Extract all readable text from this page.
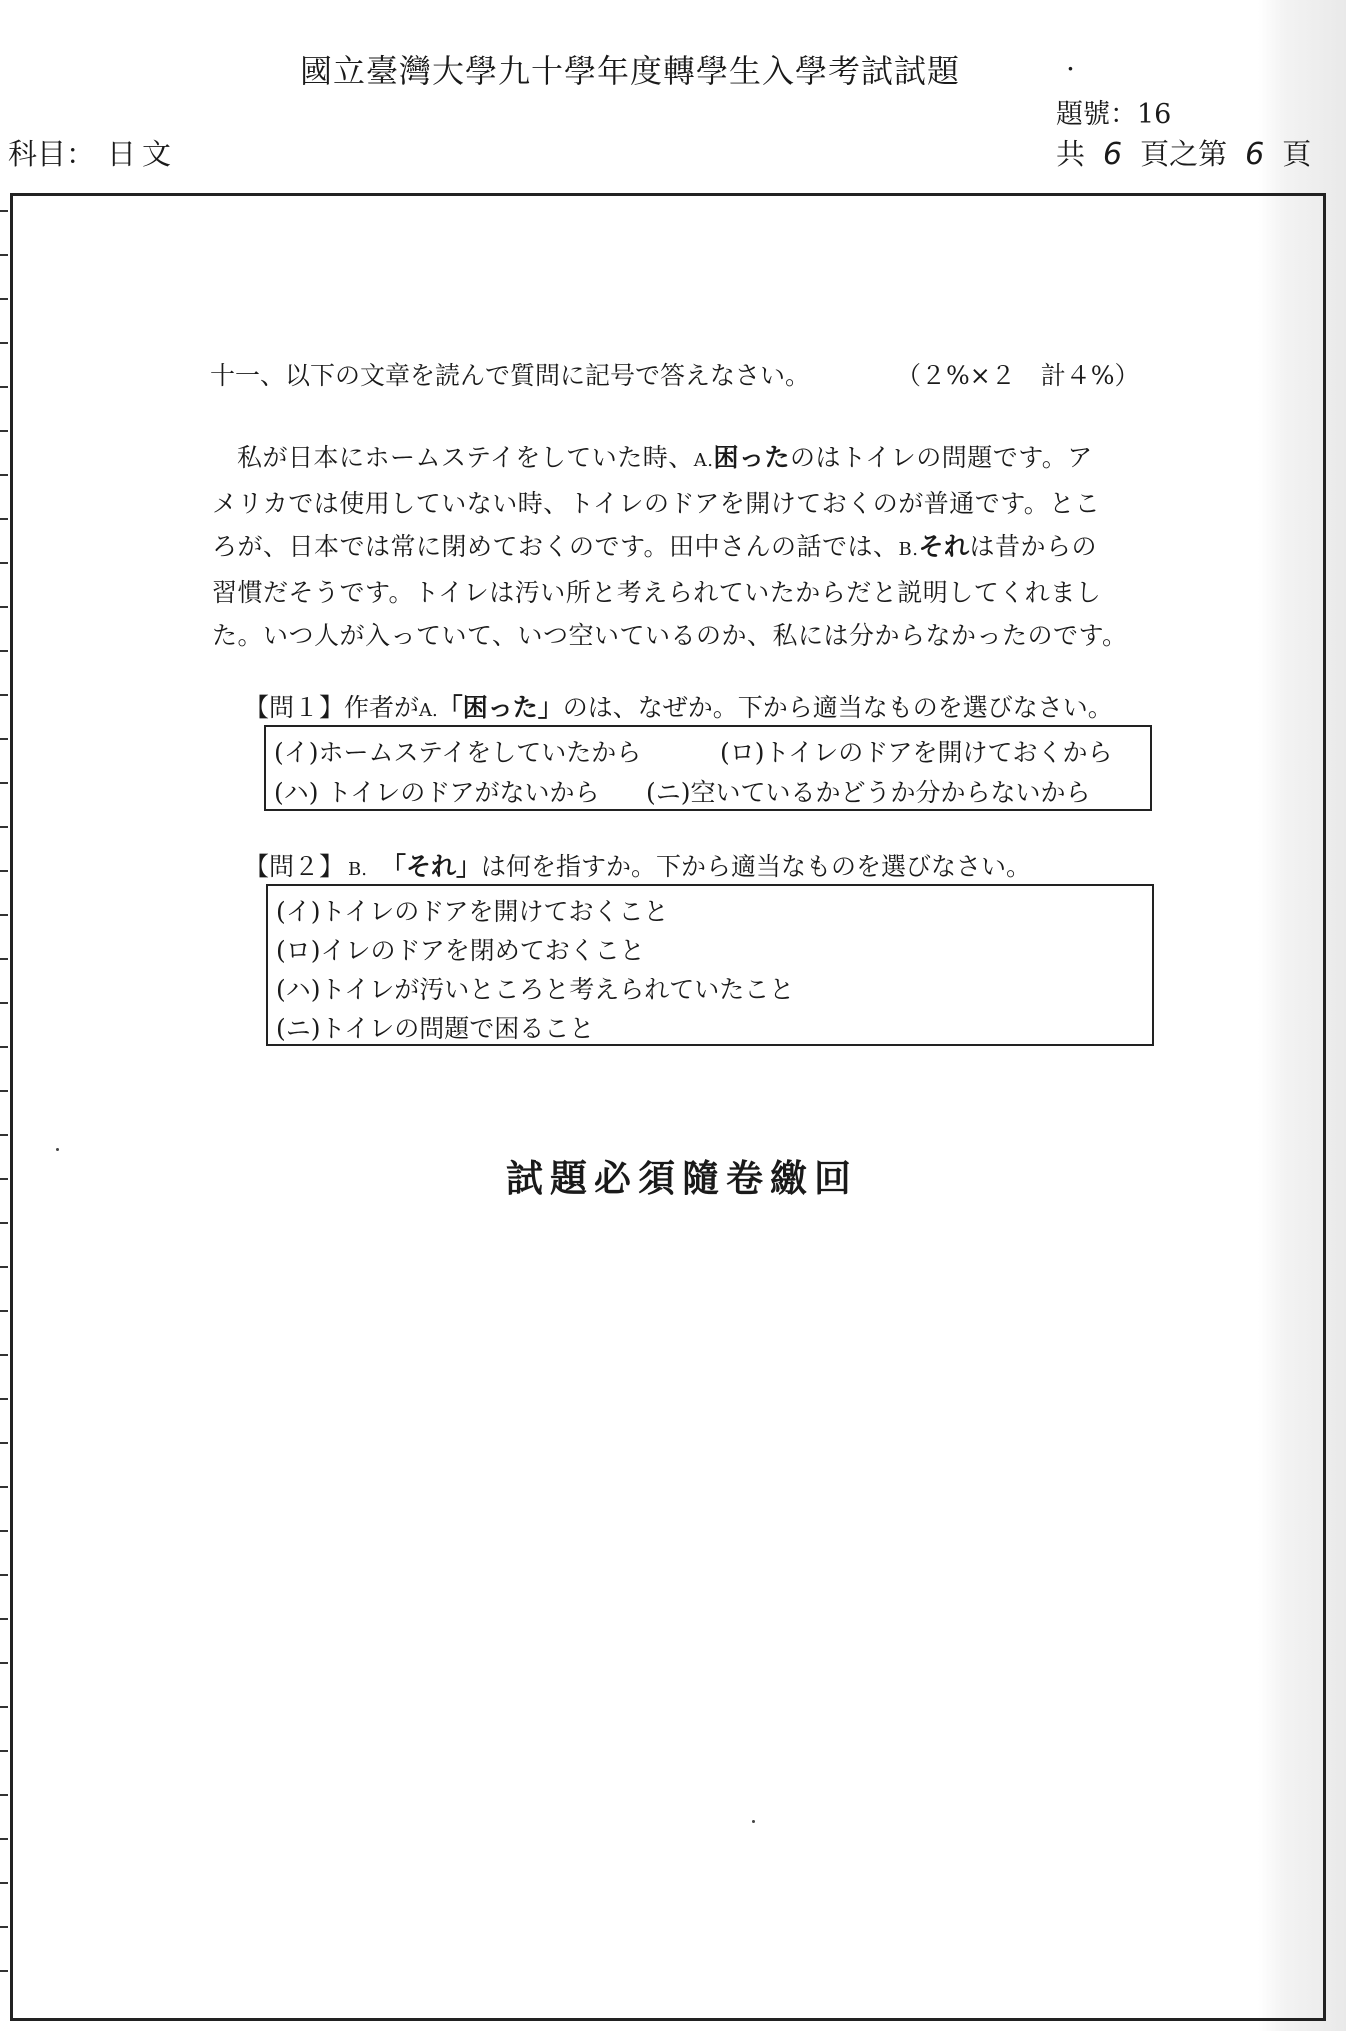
國立臺灣大學九十學年度轉學生入學考試試題	.
題號：16
科目： 日文	共 6 頁之第 6 頁
十一、以下の文章を読んで質問に記号で答えなさい。	（２%×２　計４%）
私が日本にホームステイをしていた時、A.困ったのはトイレの問題です。ア
メリカでは使用していない時、トイレのドアを開けておくのが普通です。とこ
ろが、日本では常に閉めておくのです。田中さんの話では、B.それは昔からの
習慣だそうです。トイレは汚い所と考えられていたからだと説明してくれまし
た。いつ人が入っていて、いつ空いているのか、私には分からなかったのです。
【問１】作者がA.「困った」のは、なぜか。下から適当なものを選びなさい。
(イ)ホームステイをしていたから	(ロ)トイレのドアを開けておくから
(ハ) トイレのドアがないから (ニ)空いているかどうか分からないから
【問２】 B. 「それ」は何を指すか。下から適当なものを選びなさい。
(イ)トイレのドアを開けておくこと
(ロ)イレのドアを閉めておくこと
(ハ)トイレが汚いところと考えられていたこと
(ニ)トイレの問題で困ること
試題必須隨卷繳回
